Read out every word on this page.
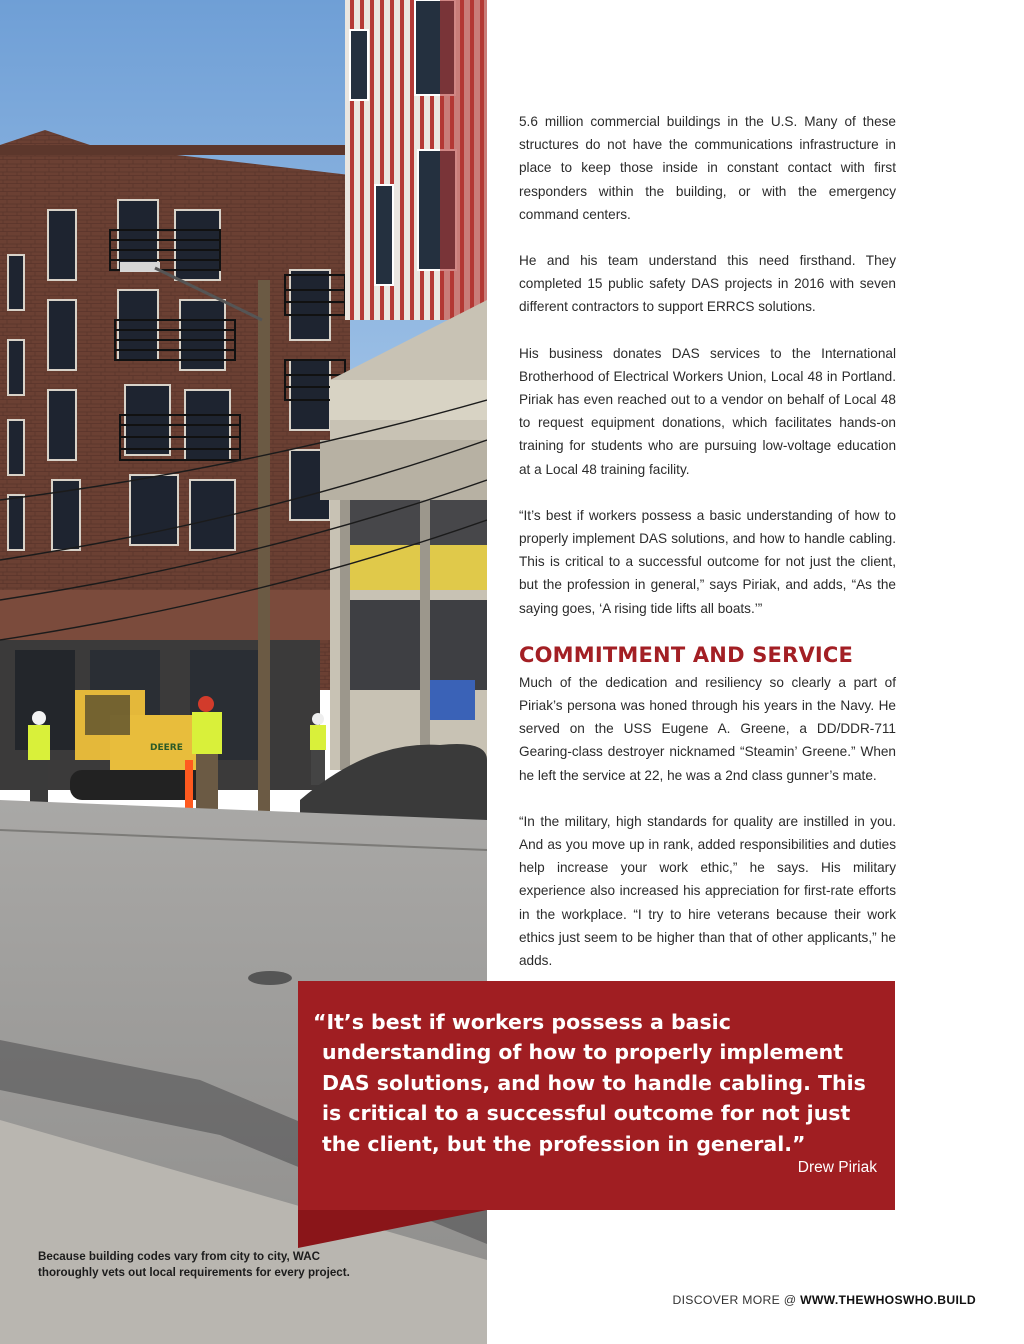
DEERE

5.6 million commercial buildings in the U.S. Many of these structures do not have the communications infrastructure in place to keep those inside in constant contact with first responders within the building, or with the emergency command centers.

He and his team understand this need firsthand. They completed 15 public safety DAS projects in 2016 with seven different contractors to support ERRCS solutions.

His business donates DAS services to the International Brotherhood of Electrical Workers Union, Local 48 in Portland. Piriak has even reached out to a vendor on behalf of Local 48 to request equipment donations, which facilitates hands-on training for students who are pursuing low-voltage education at a Local 48 training facility.

“It’s best if workers possess a basic understanding of how to properly implement DAS solutions, and how to handle cabling. This is critical to a successful outcome for not just the client, but the profession in general,” says Piriak, and adds, “As the saying goes, ‘A rising tide lifts all boats.’”

COMMITMENT AND SERVICE

Much of the dedication and resiliency so clearly a part of Piriak’s persona was honed through his years in the Navy. He served on the USS Eugene A. Greene, a DD/DDR-711 Gearing-class destroyer nicknamed “Steamin’ Greene.” When he left the service at 22, he was a 2nd class gunner’s mate.

“In the military, high standards for quality are instilled in you. And as you move up in rank, added responsibilities and duties help increase your work ethic,” he says. His military experience also increased his appreciation for first-rate efforts in the workplace. “I try to hire veterans because their work ethics just seem to be higher than that of other applicants,” he adds.

“It’s best if workers possess a basic understanding of how to properly implement DAS solutions, and how to handle cabling. This is critical to a successful outcome for not just the client, but the profession in general.”

Drew Piriak
Because building codes vary from city to city, WAC thoroughly vets out local requirements for every project.
DISCOVER MORE @ WWW.THEWHOSWHO.BUILD
